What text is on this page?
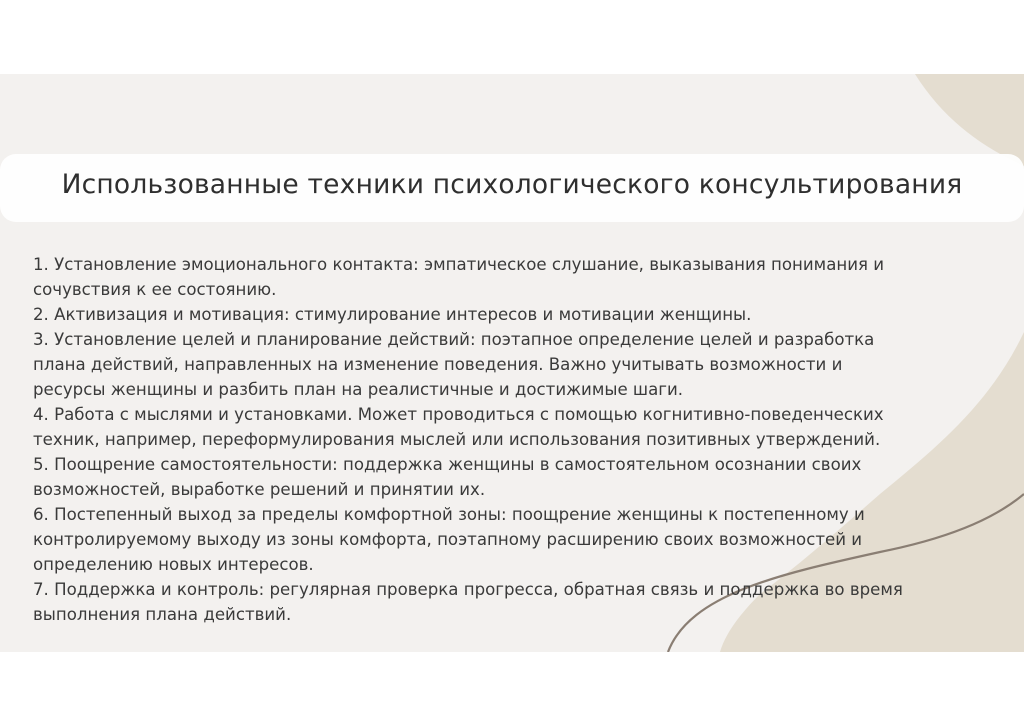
Использованные техники психологического консультирования
1. Установление эмоционального контакта: эмпатическое слушание, выказывания понимания и
сочувствия к ее состоянию.
2. Активизация и мотивация: стимулирование интересов и мотивации женщины.
3. Установление целей и планирование действий: поэтапное определение целей и разработка
плана действий, направленных на изменение поведения. Важно учитывать возможности и
ресурсы женщины и разбить план на реалистичные и достижимые шаги.
4. Работа с мыслями и установками. Может проводиться с помощью когнитивно-поведенческих
техник, например, переформулирования мыслей или использования позитивных утверждений.
5. Поощрение самостоятельности: поддержка женщины в самостоятельном осознании своих
возможностей, выработке решений и принятии их.
6. Постепенный выход за пределы комфортной зоны: поощрение женщины к постепенному и
контролируемому выходу из зоны комфорта, поэтапному расширению своих возможностей и
определению новых интересов.
7. Поддержка и контроль: регулярная проверка прогресса, обратная связь и поддержка во время
выполнения плана действий.
